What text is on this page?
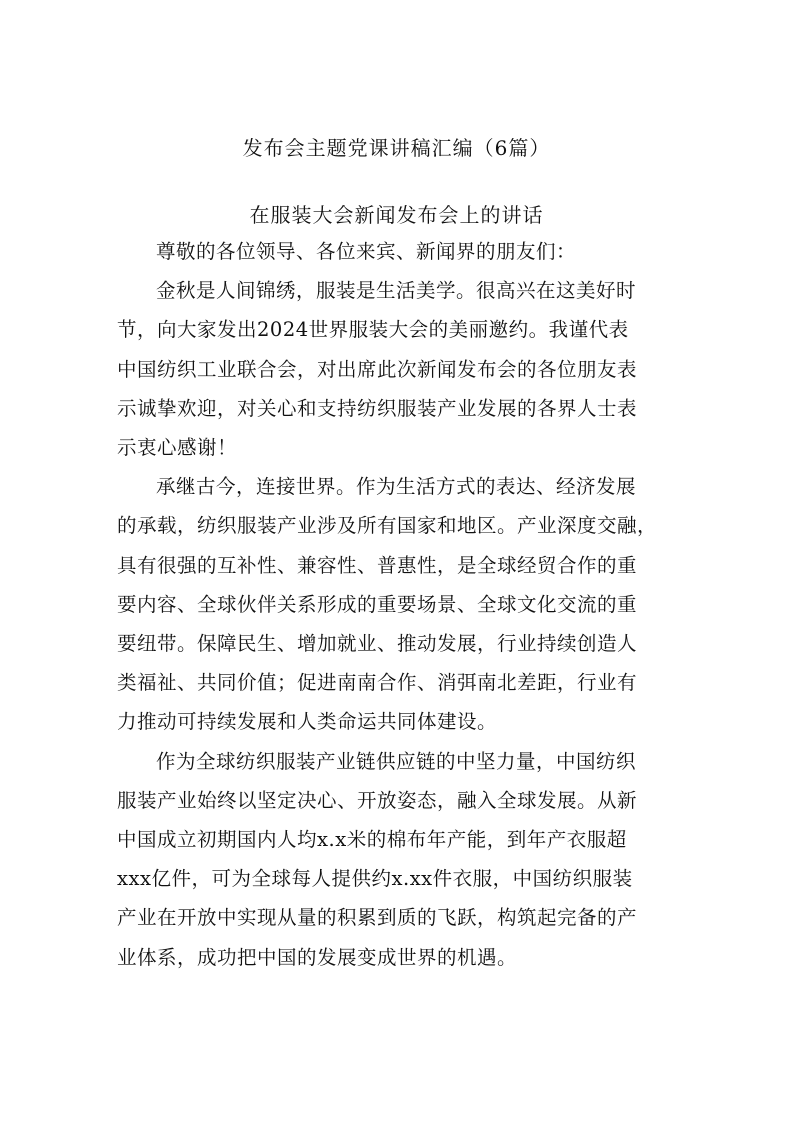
发布会主题党课讲稿汇编（6篇）
在服装大会新闻发布会上的讲话

尊敬的各位领导、各位来宾、新闻界的朋友们：

金秋是人间锦绣，服装是生活美学。很高兴在这美好时
节，向大家发出2024世界服装大会的美丽邀约。我谨代表
中国纺织工业联合会，对出席此次新闻发布会的各位朋友表
示诚挚欢迎，对关心和支持纺织服装产业发展的各界人士表
示衷心感谢！

承继古今，连接世界。作为生活方式的表达、经济发展
的承载，纺织服装产业涉及所有国家和地区。产业深度交融，
具有很强的互补性、兼容性、普惠性，是全球经贸合作的重
要内容、全球伙伴关系形成的重要场景、全球文化交流的重
要纽带。保障民生、增加就业、推动发展，行业持续创造人
类福祉、共同价值；促进南南合作、消弭南北差距，行业有
力推动可持续发展和人类命运共同体建设。

作为全球纺织服装产业链供应链的中坚力量，中国纺织
服装产业始终以坚定决心、开放姿态，融入全球发展。从新
中国成立初期国内人均x.x米的棉布年产能，到年产衣服超
xxx亿件，可为全球每人提供约x.xx件衣服，中国纺织服装
产业在开放中实现从量的积累到质的飞跃，构筑起完备的产
业体系，成功把中国的发展变成世界的机遇。
